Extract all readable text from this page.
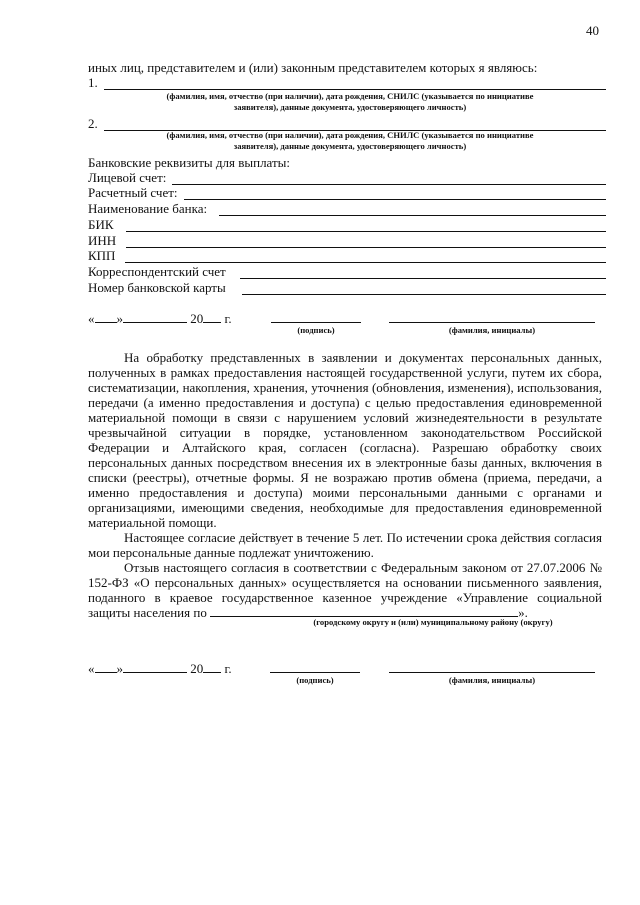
40
иных лиц, представителем и (или) законным представителем которых я являюсь:
1.
(фамилия, имя, отчество (при наличии), дата рождения, СНИЛС (указывается по инициативе
заявителя), данные документа, удостоверяющего личность)
2.
(фамилия, имя, отчество (при наличии), дата рождения, СНИЛС (указывается по инициативе
заявителя), данные документа, удостоверяющего личность)
Банковские реквизиты для выплаты:
Лицевой счет:
Расчетный счет:
Наименование банка:
БИК
ИНН
КПП
Корреспондентский счет
Номер банковской карты
« »	20 г.
(подпись)	(фамилия, инициалы)

На обработку представленных в заявлении и документах персональных данных, полученных в рамках предоставления настоящей государственной услуги, путем их сбора, систематизации, накопления, хранения, уточнения (обновления, изменения), использования, передачи (а именно предоставления и доступа) с целью предоставления единовременной материальной помощи в связи с нарушением условий жизнедеятельности в результате чрезвычайной ситуации в порядке, установленном законодательством Российской Федерации и Алтайского края, согласен (согласна). Разрешаю обработку своих персональных данных посредством внесения их в электронные базы данных, включения в списки (реестры), отчетные формы. Я не возражаю против обмена (приема, передачи, а именно предоставления и доступа) моими персональными данными с органами и организациями, имеющими сведения, необходимые для предоставления единовременной материальной помощи.

Настоящее согласие действует в течение 5 лет. По истечении срока действия согласия мои персональные данные подлежат уничтожению.

Отзыв настоящего согласия в соответствии с Федеральным законом от 27.07.2006 № 152-ФЗ «О персональных данных» осуществляется на основании письменного заявления, поданного в краевое государственное казенное учреждение «Управление социальной защиты населения по	».

(городскому округу и (или) муниципальному району (округу)
« »	20 г.
(подпись)	(фамилия, инициалы)
